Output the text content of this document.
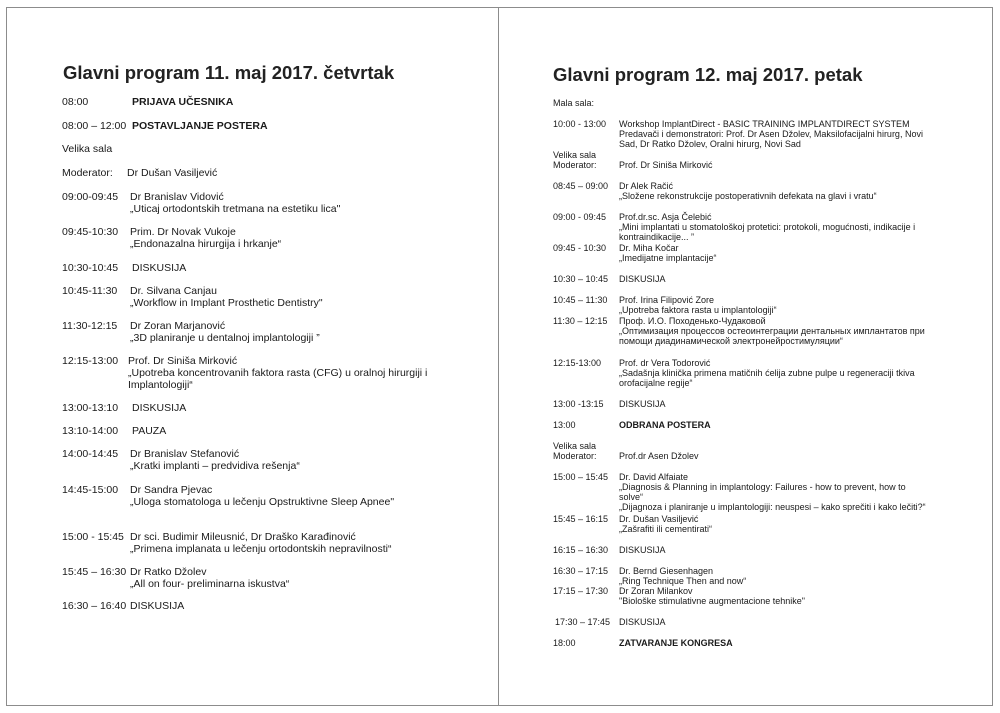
Glavni program 11. maj 2017. četvrtak	Glavni program 12. maj 2017. petak
08:00	PRIJAVA UČESNIKA
08:00 – 12:00 POSTAVLJANJE POSTERA
Velika sala
Moderator: Dr Dušan Vasiljević
09:00-09:45 Dr Branislav Vidović
„Uticaj ortodontskih tretmana na estetiku lica"
09:45-10:30 Prim. Dr Novak Vukoje
„Endonazalna hirurgija i hrkanje“
10:30-10:45 DISKUSIJA
10:45-11:30 Dr. Silvana Canjau
„Workflow in Implant Prosthetic Dentistry"
11:30-12:15 Dr Zoran Marjanović
„3D planiranje u dentalnoj implantologiji ”
12:15-13:00 Prof. Dr Siniša Mirković
„Upotreba koncentrovanih faktora rasta (CFG) u oralnoj hirurgiji i
Implantologiji“
13:00-13:10 DISKUSIJA
13:10-14:00 PAUZA
14:00-14:45 Dr Branislav Stefanović
„Kratki implanti – predvidiva rešenja“
14:45-15:00 Dr Sandra Pjevac
„Uloga stomatologa u lečenju Opstruktivne Sleep Apnee"
15:00 - 15:45 Dr sci. Budimir Mileusnić, Dr Draško Karađinović
„Primena implanata u lečenju ortodontskih nepravilnosti“
15:45 – 16:30 Dr Ratko Džolev
„All on four- preliminarna iskustva“
16:30 – 16:40 DISKUSIJA
Mala sala:
10:00 - 13:00 Workshop ImplantDirect - BASIC TRAINING IMPLANTDIRECT SYSTEM
Predavači i demonstratori: Prof. Dr Asen Džolev, Maksilofacijalni hirurg, Novi
Sad, Dr Ratko Džolev, Oralni hirurg, Novi Sad
Velika sala
Moderator: Prof. Dr Siniša Mirković
08:45 – 09:00 Dr Alek Račić
„Složene rekonstrukcije postoperativnih defekata na glavi i vratu“
09:00 - 09:45 Prof.dr.sc. Asja Čelebić
„Mini implantati u stomatološkoj protetici: protokoli, mogućnosti, indikacije i
kontraindikacije... ”
09:45 - 10:30 Dr. Miha Kočar
„Imedijatne implantacije“
10:30 – 10:45 DISKUSIJA
10:45 – 11:30 Prof. Irina Filipović Zore
„Upotreba faktora rasta u implantologiji“
11:30 – 12:15 Проф. И.О. Походенько-Чудаковой
„Оптимизация процессов остеоинтеграции дентальных имплантатов при
помощи диадинамической электронейростимуляции“
12:15-13:00 Prof. dr Vera Todorović
„Sadašnja klinička primena matičnih ćelija zubne pulpe u regeneraciji tkiva
orofacijalne regije“
13:00 -13:15 DISKUSIJA
13:00	ODBRANA POSTERA
Velika sala
Moderator: Prof.dr Asen Džolev
15:00 – 15:45 Dr. David Alfaiate
„Diagnosis & Planning in implantology: Failures - how to prevent, how to
solve“
„Dijagnoza i planiranje u implantologiji: neuspesi – kako sprečiti i kako lečiti?“
15:45 – 16:15 Dr. Dušan Vasiljević
„Zašrafiti ili cementirati“
16:15 – 16:30 DISKUSIJA
16:30 – 17:15 Dr. Bernd Giesenhagen
„Ring Technique Then and now“
17:15 – 17:30 Dr Zoran Milankov
"Biološke stimulativne augmentacione tehnike"
17:30 – 17:45 DISKUSIJA
18:00	ZATVARANJE KONGRESA
